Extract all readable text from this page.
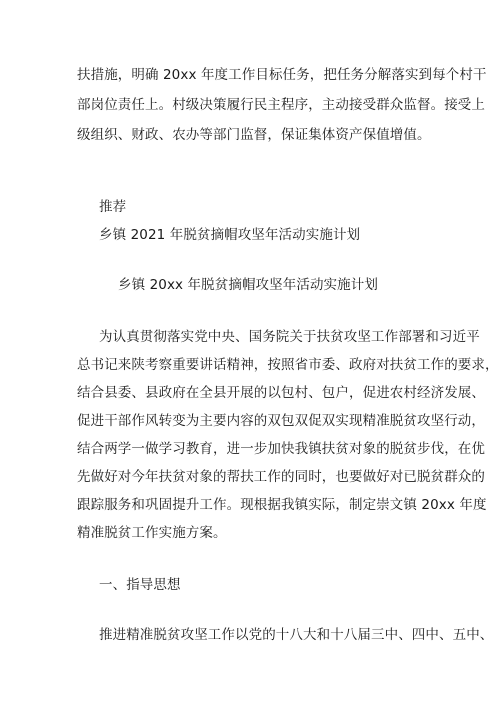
扶措施，明确 20xx 年度工作目标任务，把任务分解落实到每个村干
部岗位责任上。村级决策履行民主程序，主动接受群众监督。接受上
级组织、财政、农办等部门监督，保证集体资产保值增值。
推荐
乡镇 2021 年脱贫摘帽攻坚年活动实施计划
乡镇 20xx 年脱贫摘帽攻坚年活动实施计划
为认真贯彻落实党中央、国务院关于扶贫攻坚工作部署和习近平
总书记来陕考察重要讲话精神，按照省市委、政府对扶贫工作的要求，
结合县委、县政府在全县开展的以包村、包户，促进农村经济发展、
促进干部作风转变为主要内容的双包双促双实现精准脱贫攻坚行动，
结合两学一做学习教育，进一步加快我镇扶贫对象的脱贫步伐，在优
先做好对今年扶贫对象的帮扶工作的同时，也要做好对已脱贫群众的
跟踪服务和巩固提升工作。现根据我镇实际，制定崇文镇 20xx 年度
精准脱贫工作实施方案。
一、指导思想
推进精准脱贫攻坚工作以党的十八大和十八届三中、四中、五中、
